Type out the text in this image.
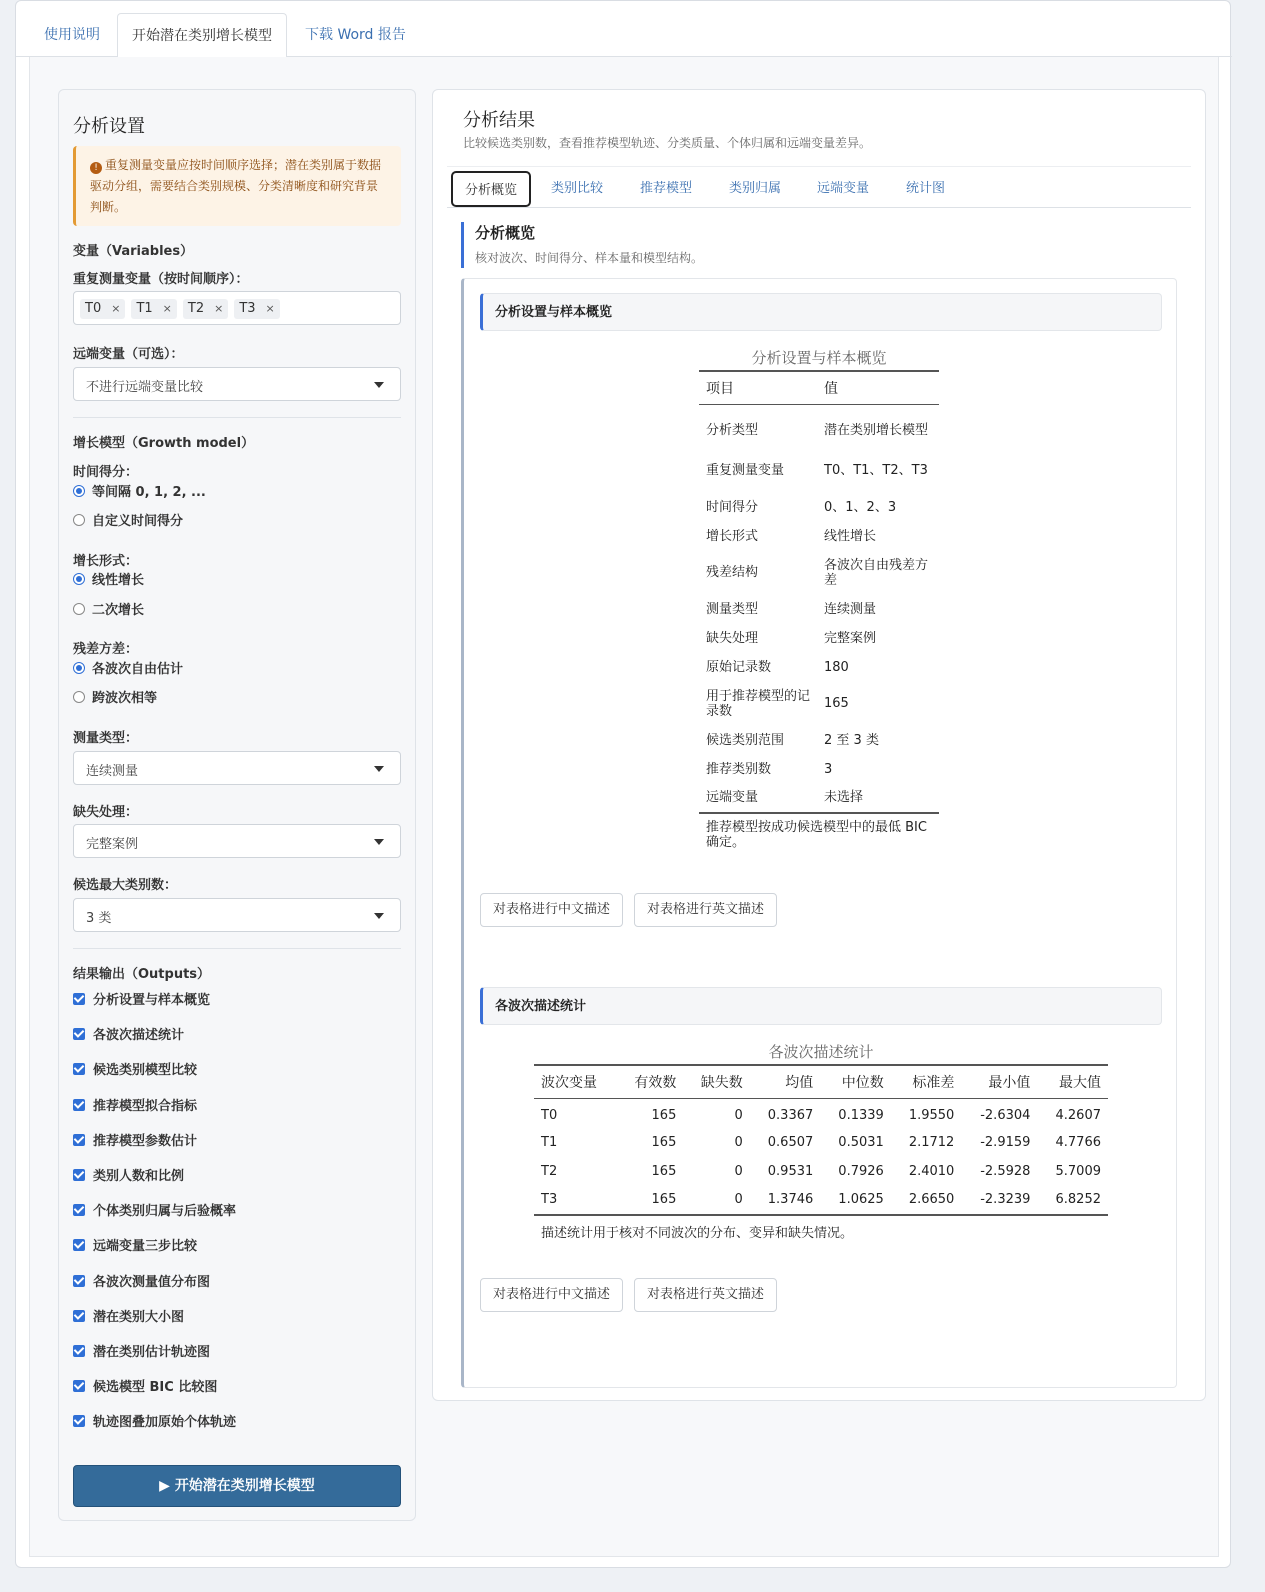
使用说明	开始潜在类别增长模型	下载 Word 报告
分析设置
! 重复测量变量应按时间顺序选择；潜在类别属于数据驱动分组，需要结合类别规模、分类清晰度和研究背景判断。
变量（Variables）
重复测量变量（按时间顺序）：
T0 × T1 × T2 × T3 ×
远端变量（可选）：
不进行远端变量比较
增长模型（Growth model）
时间得分：
等间隔 0, 1, 2, ...
自定义时间得分
增长形式：
线性增长
二次增长
残差方差：
各波次自由估计
跨波次相等
测量类型：
连续测量
缺失处理：
完整案例
候选最大类别数：
3 类
结果输出（Outputs）
分析设置与样本概览
各波次描述统计
候选类别模型比较
推荐模型拟合指标
推荐模型参数估计
类别人数和比例
个体类别归属与后验概率
远端变量三步比较
各波次测量值分布图
潜在类别大小图
潜在类别估计轨迹图
候选模型 BIC 比较图
轨迹图叠加原始个体轨迹
▶ 开始潜在类别增长模型
分析结果
比较候选类别数，查看推荐模型轨迹、分类质量、个体归属和远端变量差异。
分析概览	类别比较	推荐模型	类别归属	远端变量	统计图
分析概览
核对波次、时间得分、样本量和模型结构。
分析设置与样本概览
分析设置与样本概览
项目	值
分析类型	潜在类别增长模型
重复测量变量	T0、T1、T2、T3
时间得分	0、1、2、3
增长形式	线性增长
残差结构	各波次自由残差方差
测量类型	连续测量
缺失处理	完整案例
原始记录数	180
用于推荐模型的记录数	165
候选类别范围	2 至 3 类
推荐类别数	3
远端变量	未选择
推荐模型按成功候选模型中的最低 BIC 确定。	
对表格进行中文描述	对表格进行英文描述
各波次描述统计
各波次描述统计
波次变量	有效数	缺失数	均值	中位数	标准差	最小值	最大值
T0	165	0	0.3367	0.1339	1.9550	-2.6304	4.2607
T1	165	0	0.6507	0.5031	2.1712	-2.9159	4.7766
T2	165	0	0.9531	0.7926	2.4010	-2.5928	5.7009
T3	165	0	1.3746	1.0625	2.6650	-2.3239	6.8252
描述统计用于核对不同波次的分布、变异和缺失情况。							
对表格进行中文描述	对表格进行英文描述
